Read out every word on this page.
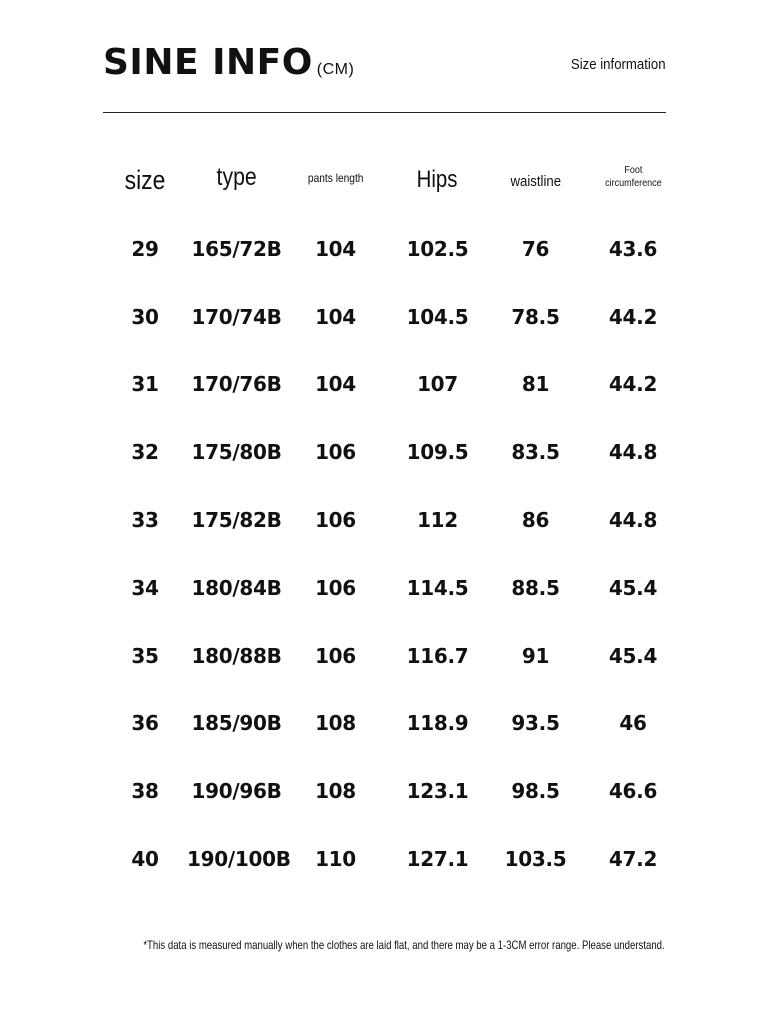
SINE INFO (CM)	Size information
size	type	pants length	Hips	waistline	Foot
circumference

29	165/72B	104	102.5	76	43.6
30	170/74B	104	104.5	78.5	44.2
31	170/76B	104	107	81	44.2
32	175/80B	106	109.5	83.5	44.8
33	175/82B	106	112	86	44.8
34	180/84B	106	114.5	88.5	45.4
35	180/88B	106	116.7	91	45.4
36	185/90B	108	118.9	93.5	46
38	190/96B	108	123.1	98.5	46.6
40	190/100B	110	127.1	103.5	47.2
*This data is measured manually when the clothes are laid flat, and there may be a 1-3CM error range. Please understand.
